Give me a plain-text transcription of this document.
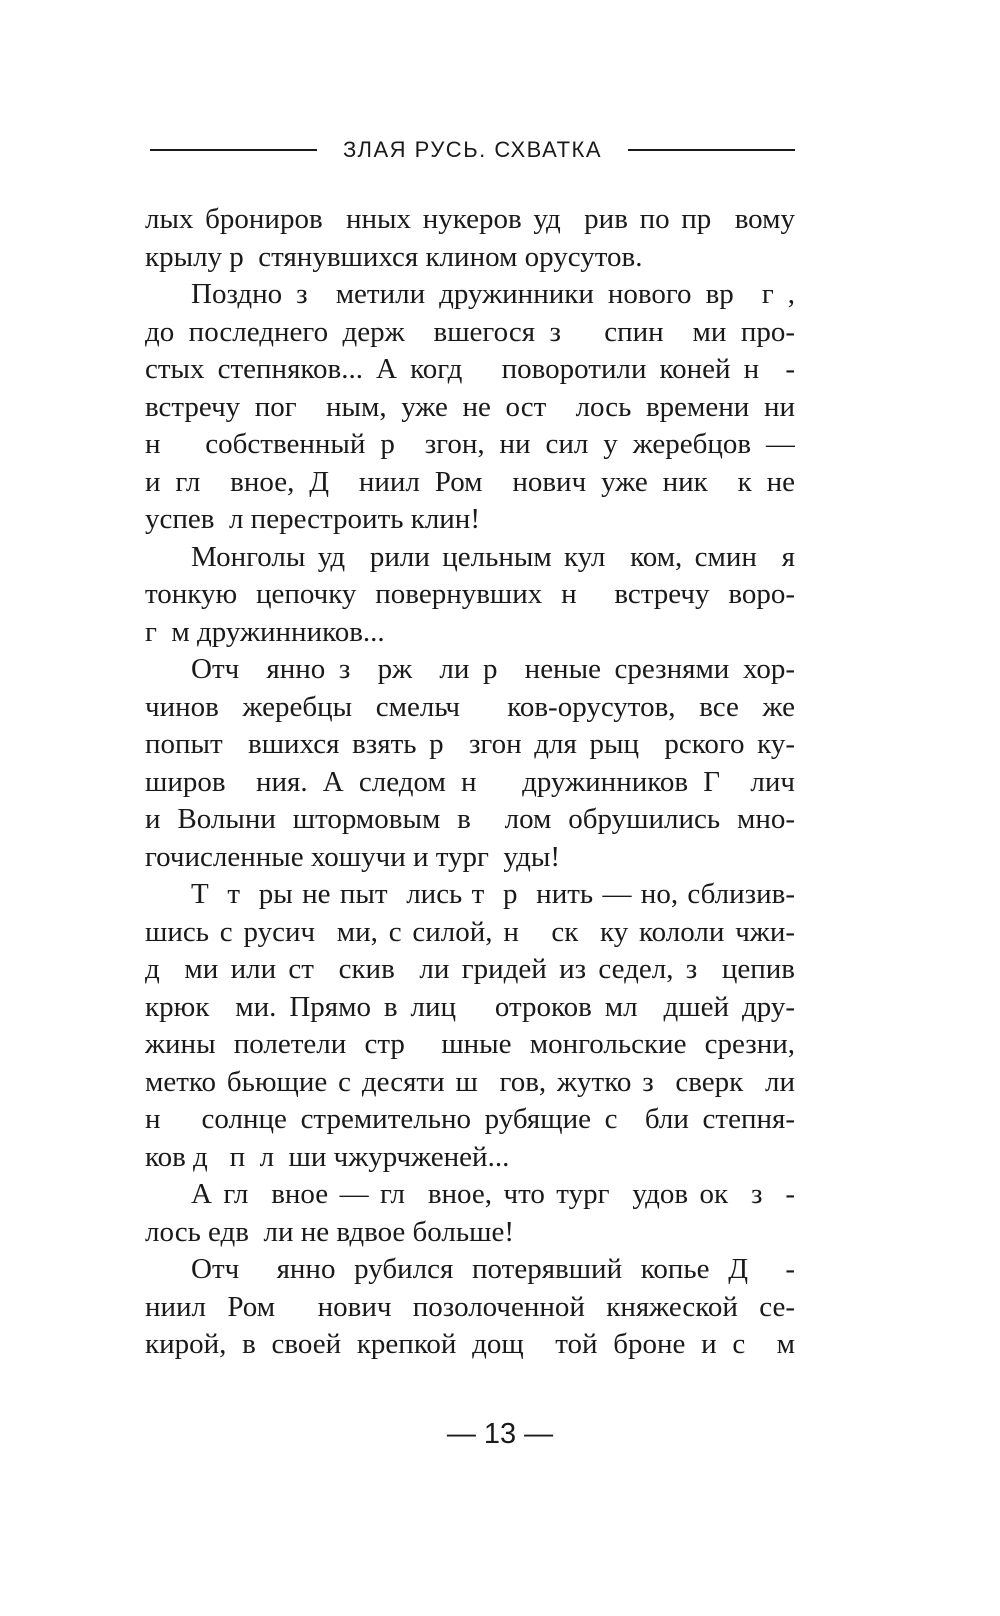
ЗЛАЯ РУСЬ. СХВАТКА
лых брониров  нных нукеров уд  рив по пр  вому
крылу р  стянувшихся клином орусутов.
Поздно з  метили дружинники нового вр  г ,
до последнего держ  вшегося з   спин  ми про-
стых степняков... А когд   поворотили коней н  -
встречу пог  ным, уже не ост  лось времени ни
н   собственный р  згон, ни сил у жеребцов —
и гл  вное, Д  ниил Ром  нович уже ник  к не
успев  л перестроить клин!
Монголы уд  рили цельным кул  ком, смин  я
тонкую цепочку повернувших н  встречу воро-
г  м дружинников...
Отч  янно з  рж  ли р  неные срезнями хор-
чинов жеребцы смельч  ков-орусутов, все же
попыт  вшихся взять р  згон для рыц  рского ку-
широв  ния. А следом н   дружинников Г  лич
и Волыни штормовым в  лом обрушились мно-
гочисленные хошучи и тург  уды!
Т  т  ры не пыт  лись т  р  нить — но, сблизив-
шись с русич  ми, с силой, н   ск  ку кололи чжи-
д  ми или ст  скив  ли гридей из седел, з  цепив
крюк  ми. Прямо в лиц   отроков мл  дшей дру-
жины полетели стр  шные монгольские срезни,
метко бьющие с десяти ш  гов, жутко з  сверк  ли
н   солнце стремительно рубящие с  бли степня-
ков д   п  л  ши чжурчженей...
А гл  вное — гл  вное, что тург  удов ок  з  -
лось едв  ли не вдвое больше!
Отч  янно рубился потерявший копье Д  -
ниил Ром  нович позолоченной княжеской се-
кирой, в своей крепкой дощ  той броне и с  м
— 13 —
